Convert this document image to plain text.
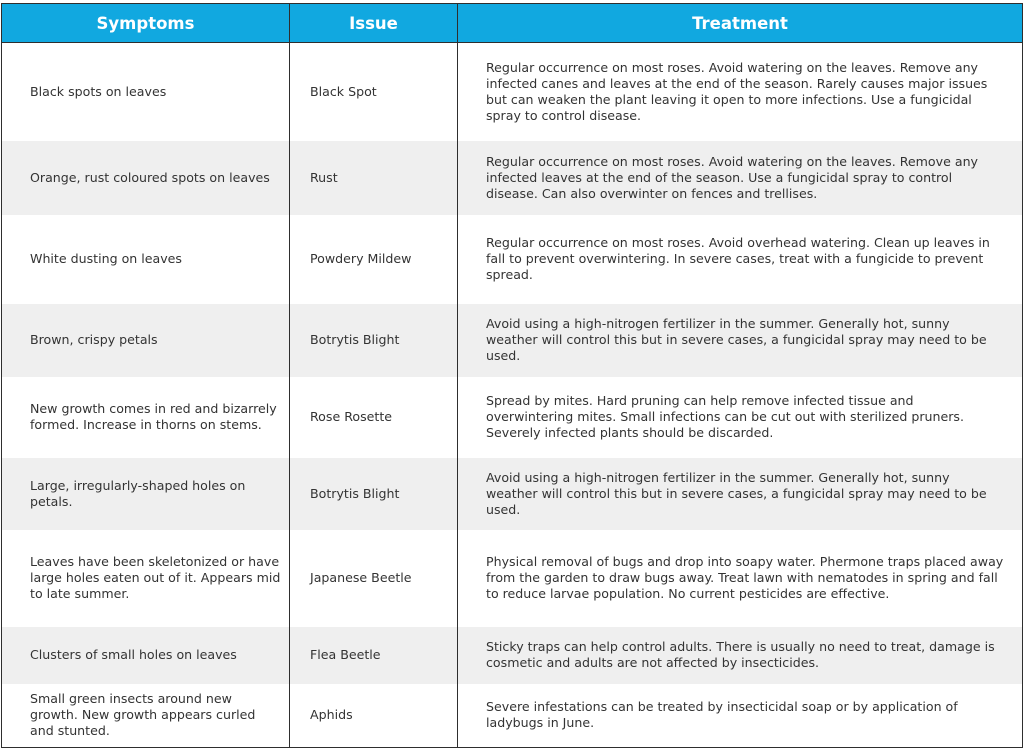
Symptoms	Issue	Treatment
Black spots on leaves	Black Spot	Regular occurrence on most roses. Avoid watering on the leaves. Remove any infected canes and leaves at the end of the season. Rarely causes major issues but can weaken the plant leaving it open to more infections. Use a fungicidal spray to control disease.
Orange, rust coloured spots on leaves	Rust	Regular occurrence on most roses. Avoid watering on the leaves. Remove any infected leaves at the end of the season. Use a fungicidal spray to control disease. Can also overwinter on fences and trellises.
White dusting on leaves	Powdery Mildew	Regular occurrence on most roses. Avoid overhead watering. Clean up leaves in fall to prevent overwintering. In severe cases, treat with a fungicide to prevent spread.
Brown, crispy petals	Botrytis Blight	Avoid using a high-nitrogen fertilizer in the summer. Generally hot, sunny weather will control this but in severe cases, a fungicidal spray may need to be used.
New growth comes in red and bizarrely formed. Increase in thorns on stems.	Rose Rosette	Spread by mites. Hard pruning can help remove infected tissue and overwintering mites. Small infections can be cut out with sterilized pruners. Severely infected plants should be discarded.
Large, irregularly-shaped holes on petals.	Botrytis Blight	Avoid using a high-nitrogen fertilizer in the summer. Generally hot, sunny weather will control this but in severe cases, a fungicidal spray may need to be used.
Leaves have been skeletonized or have large holes eaten out of it. Appears mid to late summer.	Japanese Beetle	Physical removal of bugs and drop into soapy water. Phermone traps placed away from the garden to draw bugs away. Treat lawn with nematodes in spring and fall to reduce larvae population. No current pesticides are effective.
Clusters of small holes on leaves	Flea Beetle	Sticky traps can help control adults. There is usually no need to treat, damage is cosmetic and adults are not affected by insecticides.
Small green insects around new growth. New growth appears curled and stunted.	Aphids	Severe infestations can be treated by insecticidal soap or by application of ladybugs in June.
